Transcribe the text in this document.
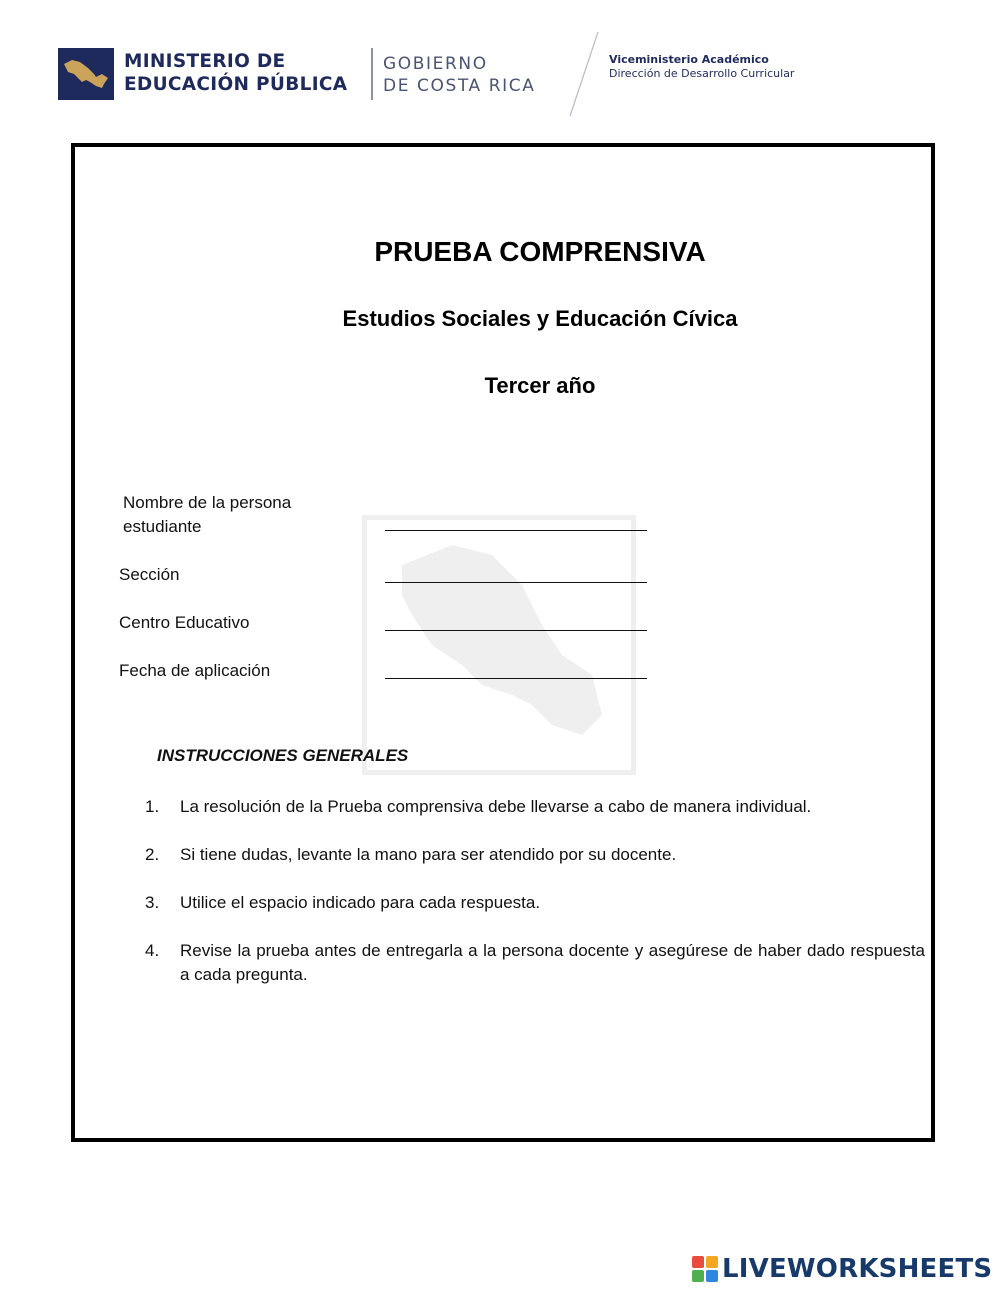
MINISTERIO DE
EDUCACIÓN PÚBLICA
GOBIERNO
DE COSTA RICA
Viceministerio Académico
Dirección de Desarrollo Curricular
PRUEBA COMPRENSIVA
Estudios Sociales y Educación Cívica
Tercer año
Nombre de la persona
estudiante
Sección
Centro Educativo
Fecha de aplicación
INSTRUCCIONES GENERALES
1. La resolución de la Prueba comprensiva debe llevarse a cabo de manera individual.
2. Si tiene dudas, levante la mano para ser atendido por su docente.
3. Utilice el espacio indicado para cada respuesta.
4. Revise la prueba antes de entregarla a la persona docente y asegúrese de haber dado respuesta a cada pregunta.
LIVEWORKSHEETS
